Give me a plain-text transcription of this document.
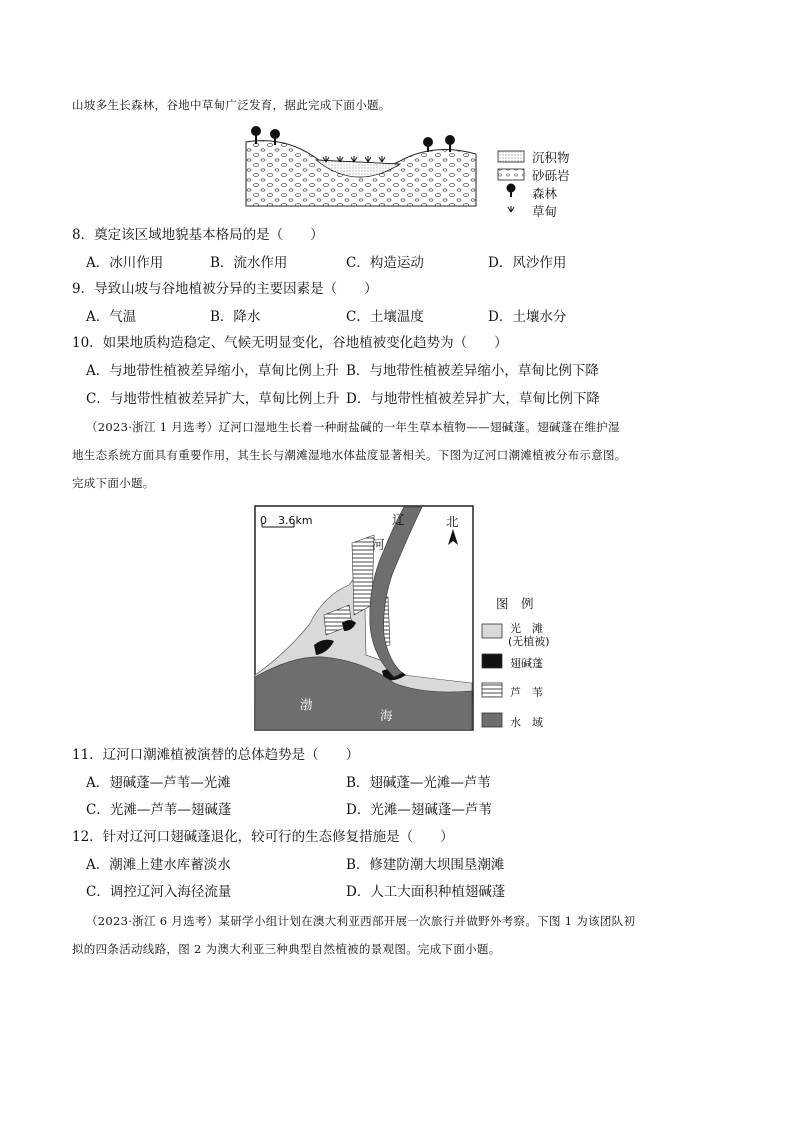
山坡多生长森林，谷地中草甸广泛发育，据此完成下面小题。
沉积物
砂砾岩
森林
草甸
8．奠定该区域地貌基本格局的是（　　）
A．冰川作用	B．流水作用	C．构造运动	D．风沙作用
9．导致山坡与谷地植被分异的主要因素是（　　）
A．气温	B．降水	C．土壤温度	D．土壤水分
10．如果地质构造稳定、气候无明显变化，谷地植被变化趋势为（　　）
A．与地带性植被差异缩小，草甸比例上升 B．与地带性植被差异缩小，草甸比例下降
C．与地带性植被差异扩大，草甸比例上升 D．与地带性植被差异扩大，草甸比例下降
（2023·浙江 1 月选考）辽河口湿地生长着一种耐盐碱的一年生草本植物——翅碱蓬。翅碱蓬在维护湿
地生态系统方面具有重要作用，其生长与潮滩湿地水体盐度显著相关。下图为辽河口潮滩植被分布示意图。
完成下面小题。
0　3.6km	北
辽
河
渤
海
图　例
光　滩
(无植被)
翅碱蓬
芦　苇
水　域
11．辽河口潮滩植被演替的总体趋势是（　　）
A．翅碱蓬—芦苇—光滩	B．翅碱蓬—光滩—芦苇
C．光滩—芦苇—翅碱蓬	D．光滩—翅碱蓬—芦苇
12．针对辽河口翅碱蓬退化，较可行的生态修复措施是（　　）
A．潮滩上建水库蓄淡水	B．修建防潮大坝围垦潮滩
C．调控辽河入海径流量	D．人工大面积种植翅碱蓬
（2023·浙江 6 月选考）某研学小组计划在澳大利亚西部开展一次旅行并做野外考察。下图 1 为该团队初
拟的四条活动线路，图 2 为澳大利亚三种典型自然植被的景观图。完成下面小题。
